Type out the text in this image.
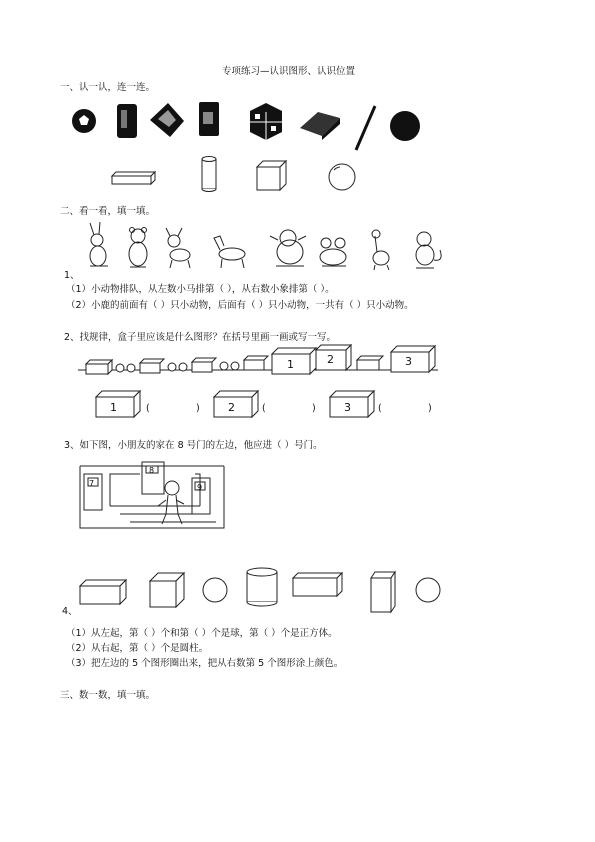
专项练习—认识图形、认识位置
一、认一认，连一连。
二、看一看，填一填。
1、
（1）小动物排队，从左数小马排第（ ），从右数小象排第（ ）。
（2）小鹿的前面有（ ）只小动物，后面有（ ）只小动物，一共有（ ）只小动物。
2、找规律，盒子里应该是什么图形？在括号里画一画或写一写。
1	2	3
1	2	3
(	)	(	)	(	)
3、如下图，小朋友的家在 8 号门的左边，他应进（ ）号门。
7
8
9
4、
（1）从左起，第（ ）个和第（ ）个是球，第（ ）个是正方体。
（2）从右起，第（ ）个是圆柱。
（3）把左边的 5 个图形圈出来，把从右数第 5 个图形涂上颜色。
三、数一数，填一填。
